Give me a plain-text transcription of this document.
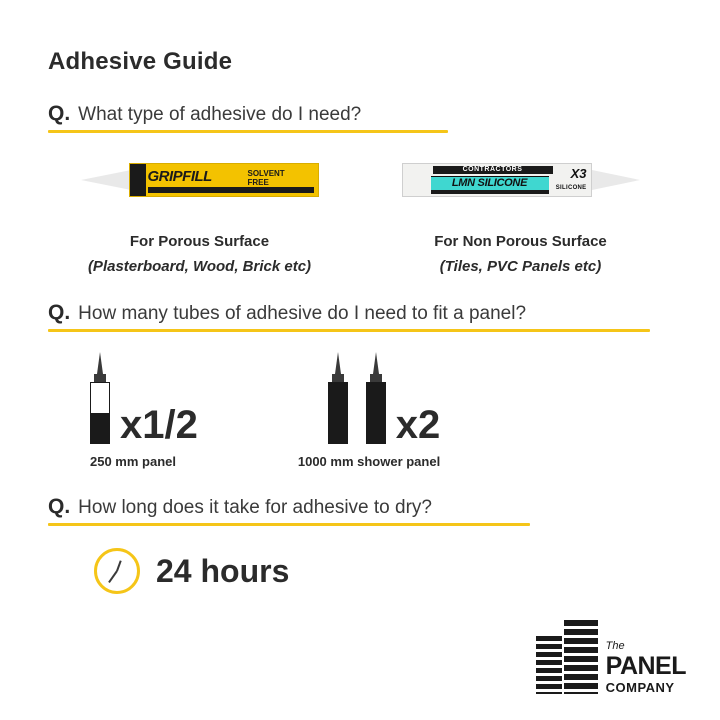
Adhesive Guide
Q. What type of adhesive do I need?
GRIPFILL	SOLVENT
FREE
For Porous Surface
(Plasterboard, Wood, Brick etc)
CONTRACTORS
LMN SILICONE
X3
SILICONE
For Non Porous Surface
(Tiles, PVC Panels etc)
Q. How many tubes of adhesive do I need to fit a panel?
x1/2
250 mm panel
x2
1000 mm shower panel
Q. How long does it take for adhesive to dry?
24 hours
The
PANEL
COMPANY
